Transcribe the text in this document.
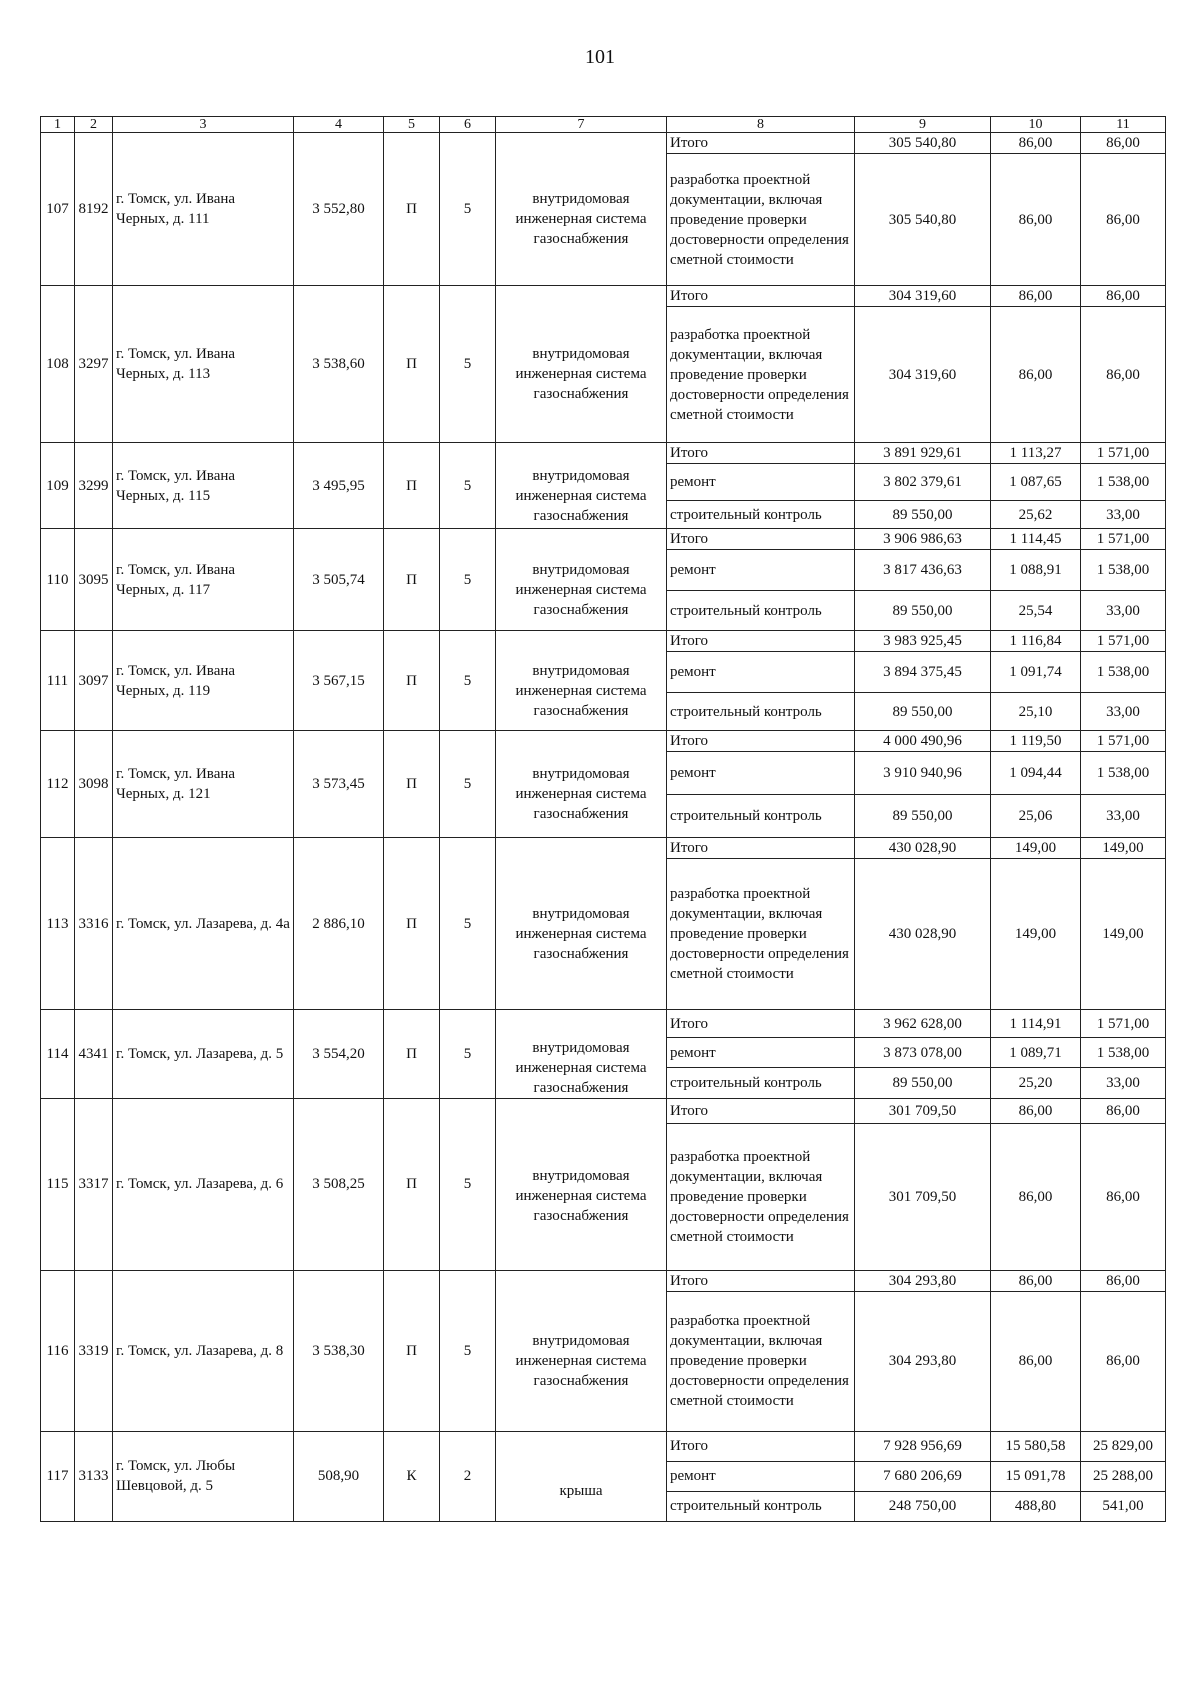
101
1	2	3	4	5	6	7	8	9	10	11
107	8192	г. Томск, ул. Ивана Черных, д. 111	3 552,80	П	5		Итого	305 540,80	86,00	86,00
						внутридомовая инженерная система газоснабжения	разработка проектной документации, включая проведение проверки достоверности определения сметной стоимости	305 540,80	86,00	86,00
108	3297	г. Томск, ул. Ивана Черных, д. 113	3 538,60	П	5		Итого	304 319,60	86,00	86,00
						внутридомовая инженерная система газоснабжения	разработка проектной документации, включая проведение проверки достоверности определения сметной стоимости	304 319,60	86,00	86,00
109	3299	г. Томск, ул. Ивана Черных, д. 115	3 495,95	П	5		Итого	3 891 929,61	1 113,27	1 571,00
						внутридомовая инженерная система газоснабжения	ремонт	3 802 379,61	1 087,65	1 538,00
							строительный контроль	89 550,00	25,62	33,00
110	3095	г. Томск, ул. Ивана Черных, д. 117	3 505,74	П	5		Итого	3 906 986,63	1 114,45	1 571,00
						внутридомовая инженерная система газоснабжения	ремонт	3 817 436,63	1 088,91	1 538,00
							строительный контроль	89 550,00	25,54	33,00
111	3097	г. Томск, ул. Ивана Черных, д. 119	3 567,15	П	5		Итого	3 983 925,45	1 116,84	1 571,00
						внутридомовая инженерная система газоснабжения	ремонт	3 894 375,45	1 091,74	1 538,00
							строительный контроль	89 550,00	25,10	33,00
112	3098	г. Томск, ул. Ивана Черных, д. 121	3 573,45	П	5		Итого	4 000 490,96	1 119,50	1 571,00
						внутридомовая инженерная система газоснабжения	ремонт	3 910 940,96	1 094,44	1 538,00
							строительный контроль	89 550,00	25,06	33,00
113	3316	г. Томск, ул. Лазарева, д. 4а	2 886,10	П	5		Итого	430 028,90	149,00	149,00
						внутридомовая инженерная система газоснабжения	разработка проектной документации, включая проведение проверки достоверности определения сметной стоимости	430 028,90	149,00	149,00
114	4341	г. Томск, ул. Лазарева, д. 5	3 554,20	П	5		Итого	3 962 628,00	1 114,91	1 571,00
						внутридомовая инженерная система газоснабжения	ремонт	3 873 078,00	1 089,71	1 538,00
							строительный контроль	89 550,00	25,20	33,00
115	3317	г. Томск, ул. Лазарева, д. 6	3 508,25	П	5		Итого	301 709,50	86,00	86,00
						внутридомовая инженерная система газоснабжения	разработка проектной документации, включая проведение проверки достоверности определения сметной стоимости	301 709,50	86,00	86,00
116	3319	г. Томск, ул. Лазарева, д. 8	3 538,30	П	5		Итого	304 293,80	86,00	86,00
						внутридомовая инженерная система газоснабжения	разработка проектной документации, включая проведение проверки достоверности определения сметной стоимости	304 293,80	86,00	86,00
117	3133	г. Томск, ул. Любы Шевцовой, д. 5	508,90	К	2		Итого	7 928 956,69	15 580,58	25 829,00
						крыша	ремонт	7 680 206,69	15 091,78	25 288,00
							строительный контроль	248 750,00	488,80	541,00
